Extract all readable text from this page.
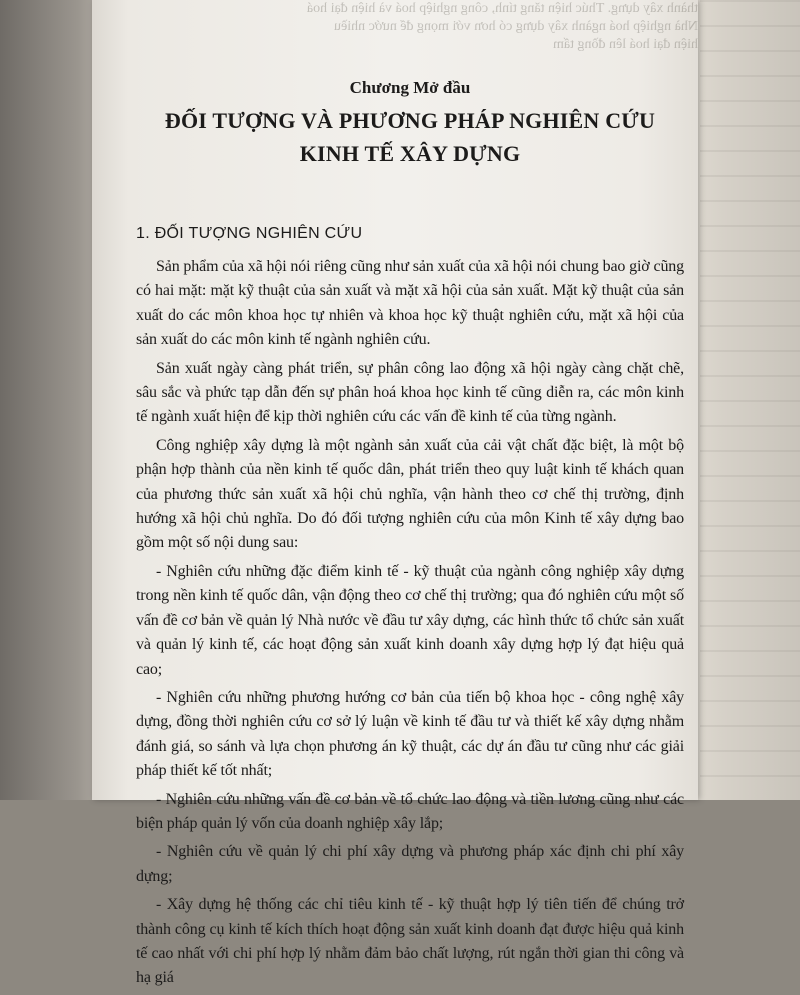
thành xây dựng. Thúc hiện tăng tính, công nghiệp hoá và hiện đại hoá
Nhà nghiệp hoá ngành xây dựng có hơn với mọng để nước nhiều
hiện đại hoá lên đồng tấm

Chương Mở đầu

ĐỐI TƯỢNG VÀ PHƯƠNG PHÁP NGHIÊN CỨU

KINH TẾ XÂY DỰNG

1. ĐỐI TƯỢNG NGHIÊN CỨU

Sản phẩm của xã hội nói riêng cũng như sản xuất của xã hội nói chung bao giờ cũng có hai mặt: mặt kỹ thuật của sản xuất và mặt xã hội của sản xuất. Mặt kỹ thuật của sản xuất do các môn khoa học tự nhiên và khoa học kỹ thuật nghiên cứu, mặt xã hội của sản xuất do các môn kinh tế ngành nghiên cứu.

Sản xuất ngày càng phát triển, sự phân công lao động xã hội ngày càng chặt chẽ, sâu sắc và phức tạp dẫn đến sự phân hoá khoa học kinh tế cũng diễn ra, các môn kinh tế ngành xuất hiện để kịp thời nghiên cứu các vấn đề kinh tế của từng ngành.

Công nghiệp xây dựng là một ngành sản xuất của cải vật chất đặc biệt, là một bộ phận hợp thành của nền kinh tế quốc dân, phát triển theo quy luật kinh tế khách quan của phương thức sản xuất xã hội chủ nghĩa, vận hành theo cơ chế thị trường, định hướng xã hội chủ nghĩa. Do đó đối tượng nghiên cứu của môn Kinh tế xây dựng bao gồm một số nội dung sau:

- Nghiên cứu những đặc điểm kinh tế - kỹ thuật của ngành công nghiệp xây dựng trong nền kinh tế quốc dân, vận động theo cơ chế thị trường; qua đó nghiên cứu một số vấn đề cơ bản về quản lý Nhà nước về đầu tư xây dựng, các hình thức tổ chức sản xuất và quản lý kinh tế, các hoạt động sản xuất kinh doanh xây dựng hợp lý đạt hiệu quả cao;

- Nghiên cứu những phương hướng cơ bản của tiến bộ khoa học - công nghệ xây dựng, đồng thời nghiên cứu cơ sở lý luận về kinh tế đầu tư và thiết kế xây dựng nhằm đánh giá, so sánh và lựa chọn phương án kỹ thuật, các dự án đầu tư cũng như các giải pháp thiết kế tốt nhất;

- Nghiên cứu những vấn đề cơ bản về tổ chức lao động và tiền lương cũng như các biện pháp quản lý vốn của doanh nghiệp xây lắp;

- Nghiên cứu về quản lý chi phí xây dựng và phương pháp xác định chi phí xây dựng;

- Xây dựng hệ thống các chỉ tiêu kinh tế - kỹ thuật hợp lý tiên tiến để chúng trở thành công cụ kinh tế kích thích hoạt động sản xuất kinh doanh đạt được hiệu quả kinh tế cao nhất với chi phí hợp lý nhằm đảm bảo chất lượng, rút ngắn thời gian thi công và hạ giá
